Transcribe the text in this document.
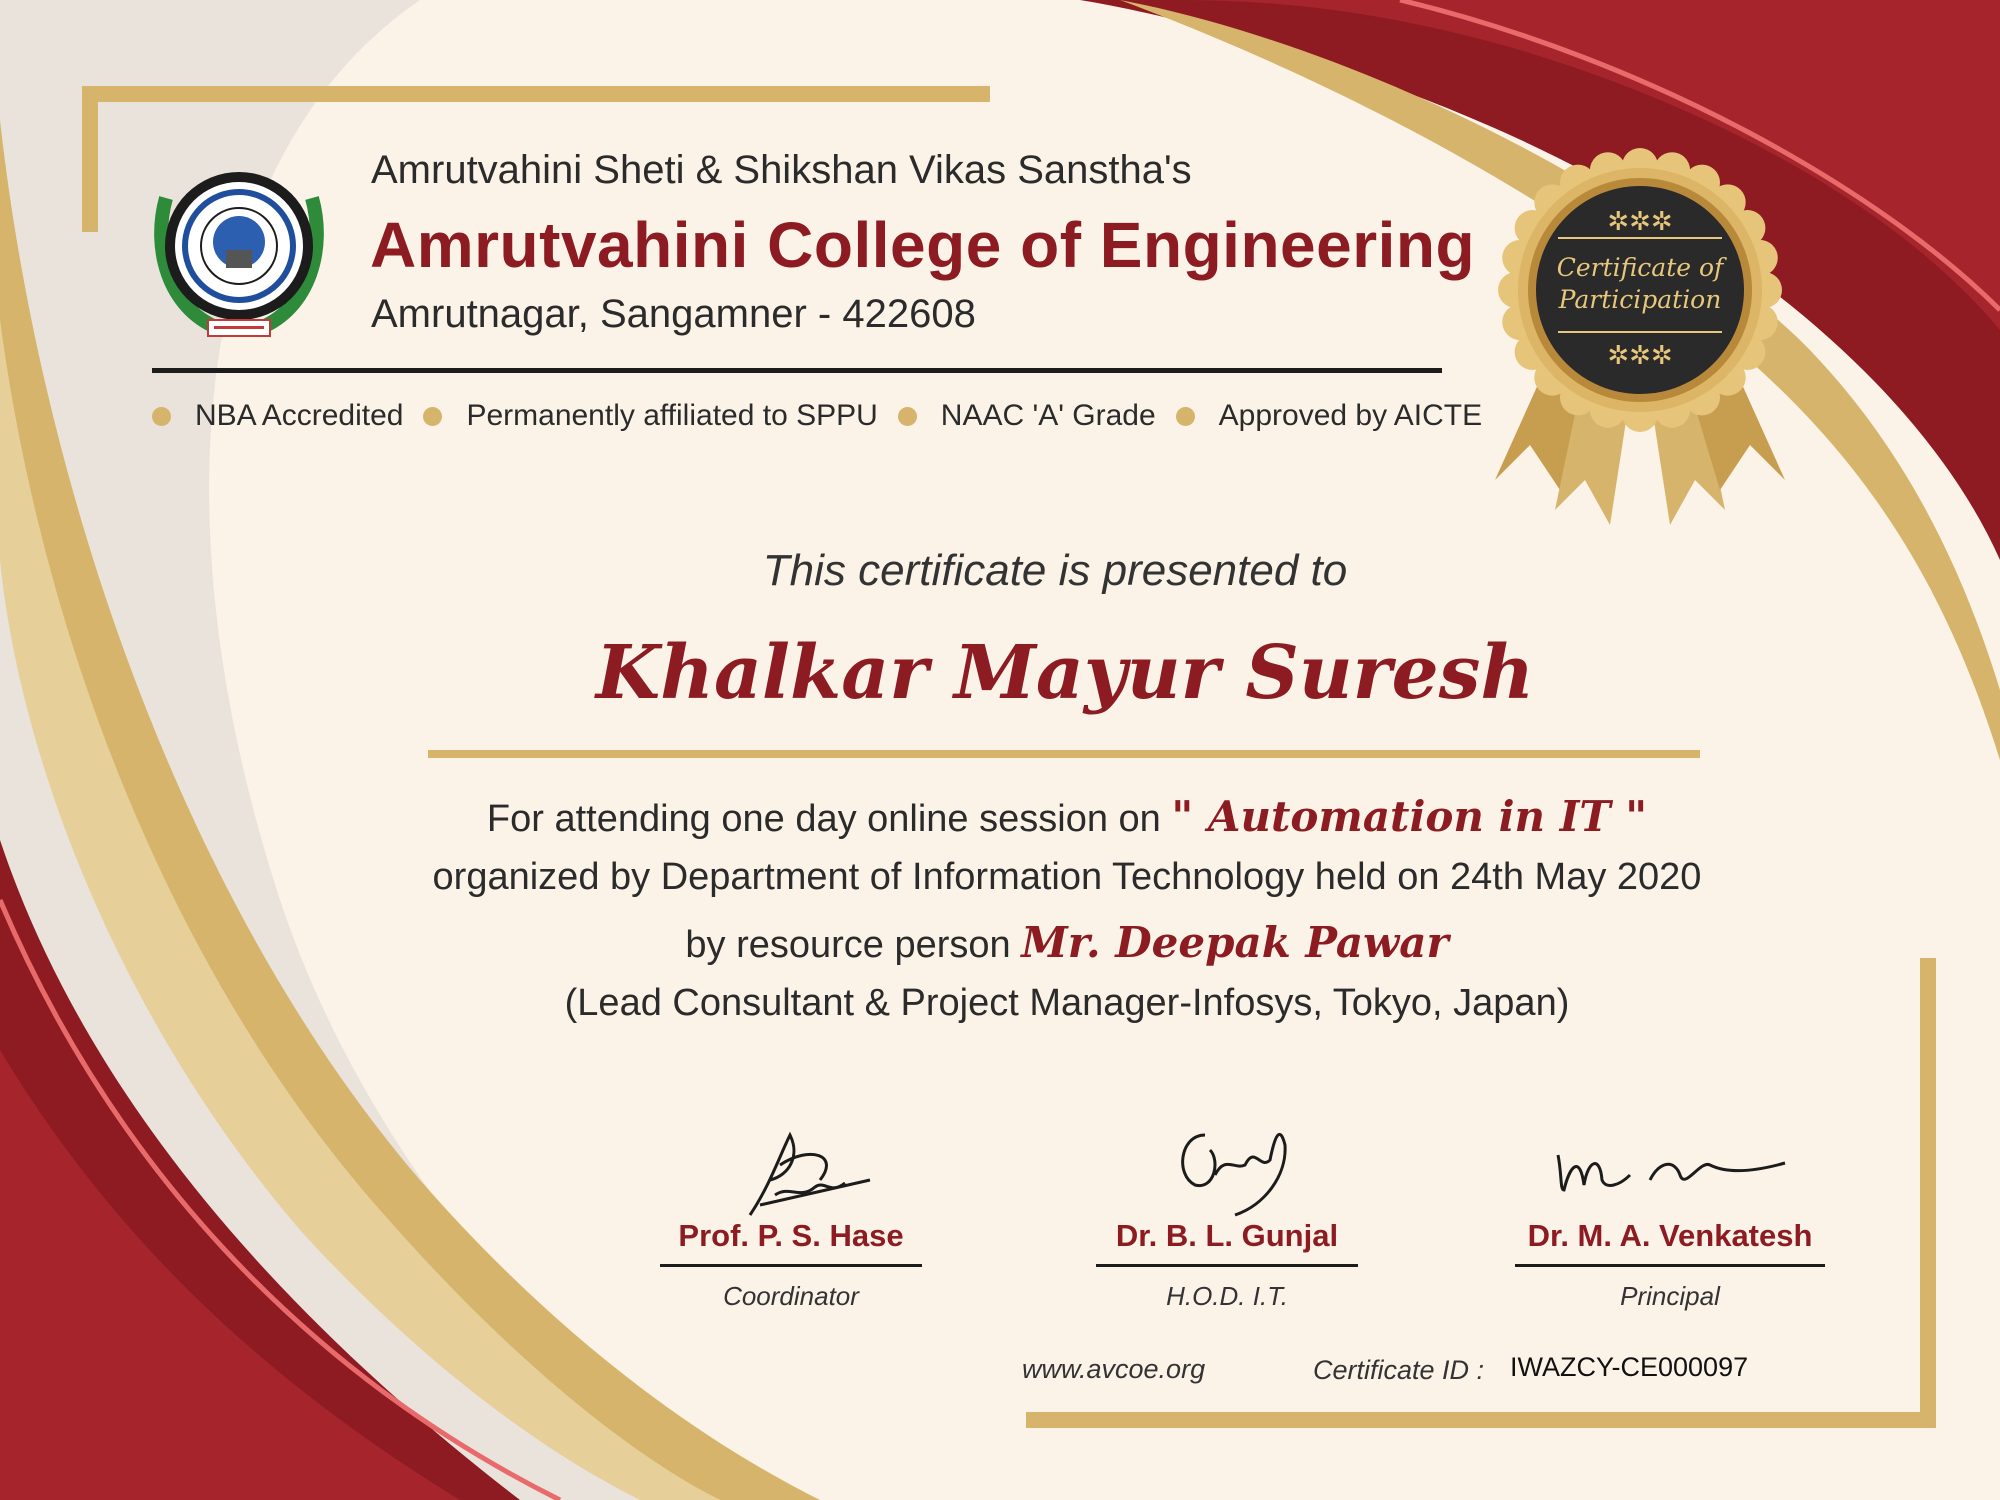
Amrutvahini Sheti & Shikshan Vikas Sanstha's
Amrutvahini College of Engineering
Amrutnagar, Sangamner - 422608
NBA Accredited Permanently affiliated to SPPU NAAC 'A' Grade Approved by AICTE
✲✲✲
Certificate of
Participation
✲✲✲
This certificate is presented to
Khalkar Mayur Suresh
For attending one day online session on " Automation in IT "
organized by Department of Information Technology held on 24th May 2020
by resource person Mr. Deepak Pawar
(Lead Consultant & Project Manager-Infosys, Tokyo, Japan)
Prof. P. S. Hase
Coordinator
Dr. B. L. Gunjal
H.O.D. I.T.
Dr. M. A. Venkatesh
Principal
www.avcoe.org	Certificate ID : IWAZCY-CE000097
